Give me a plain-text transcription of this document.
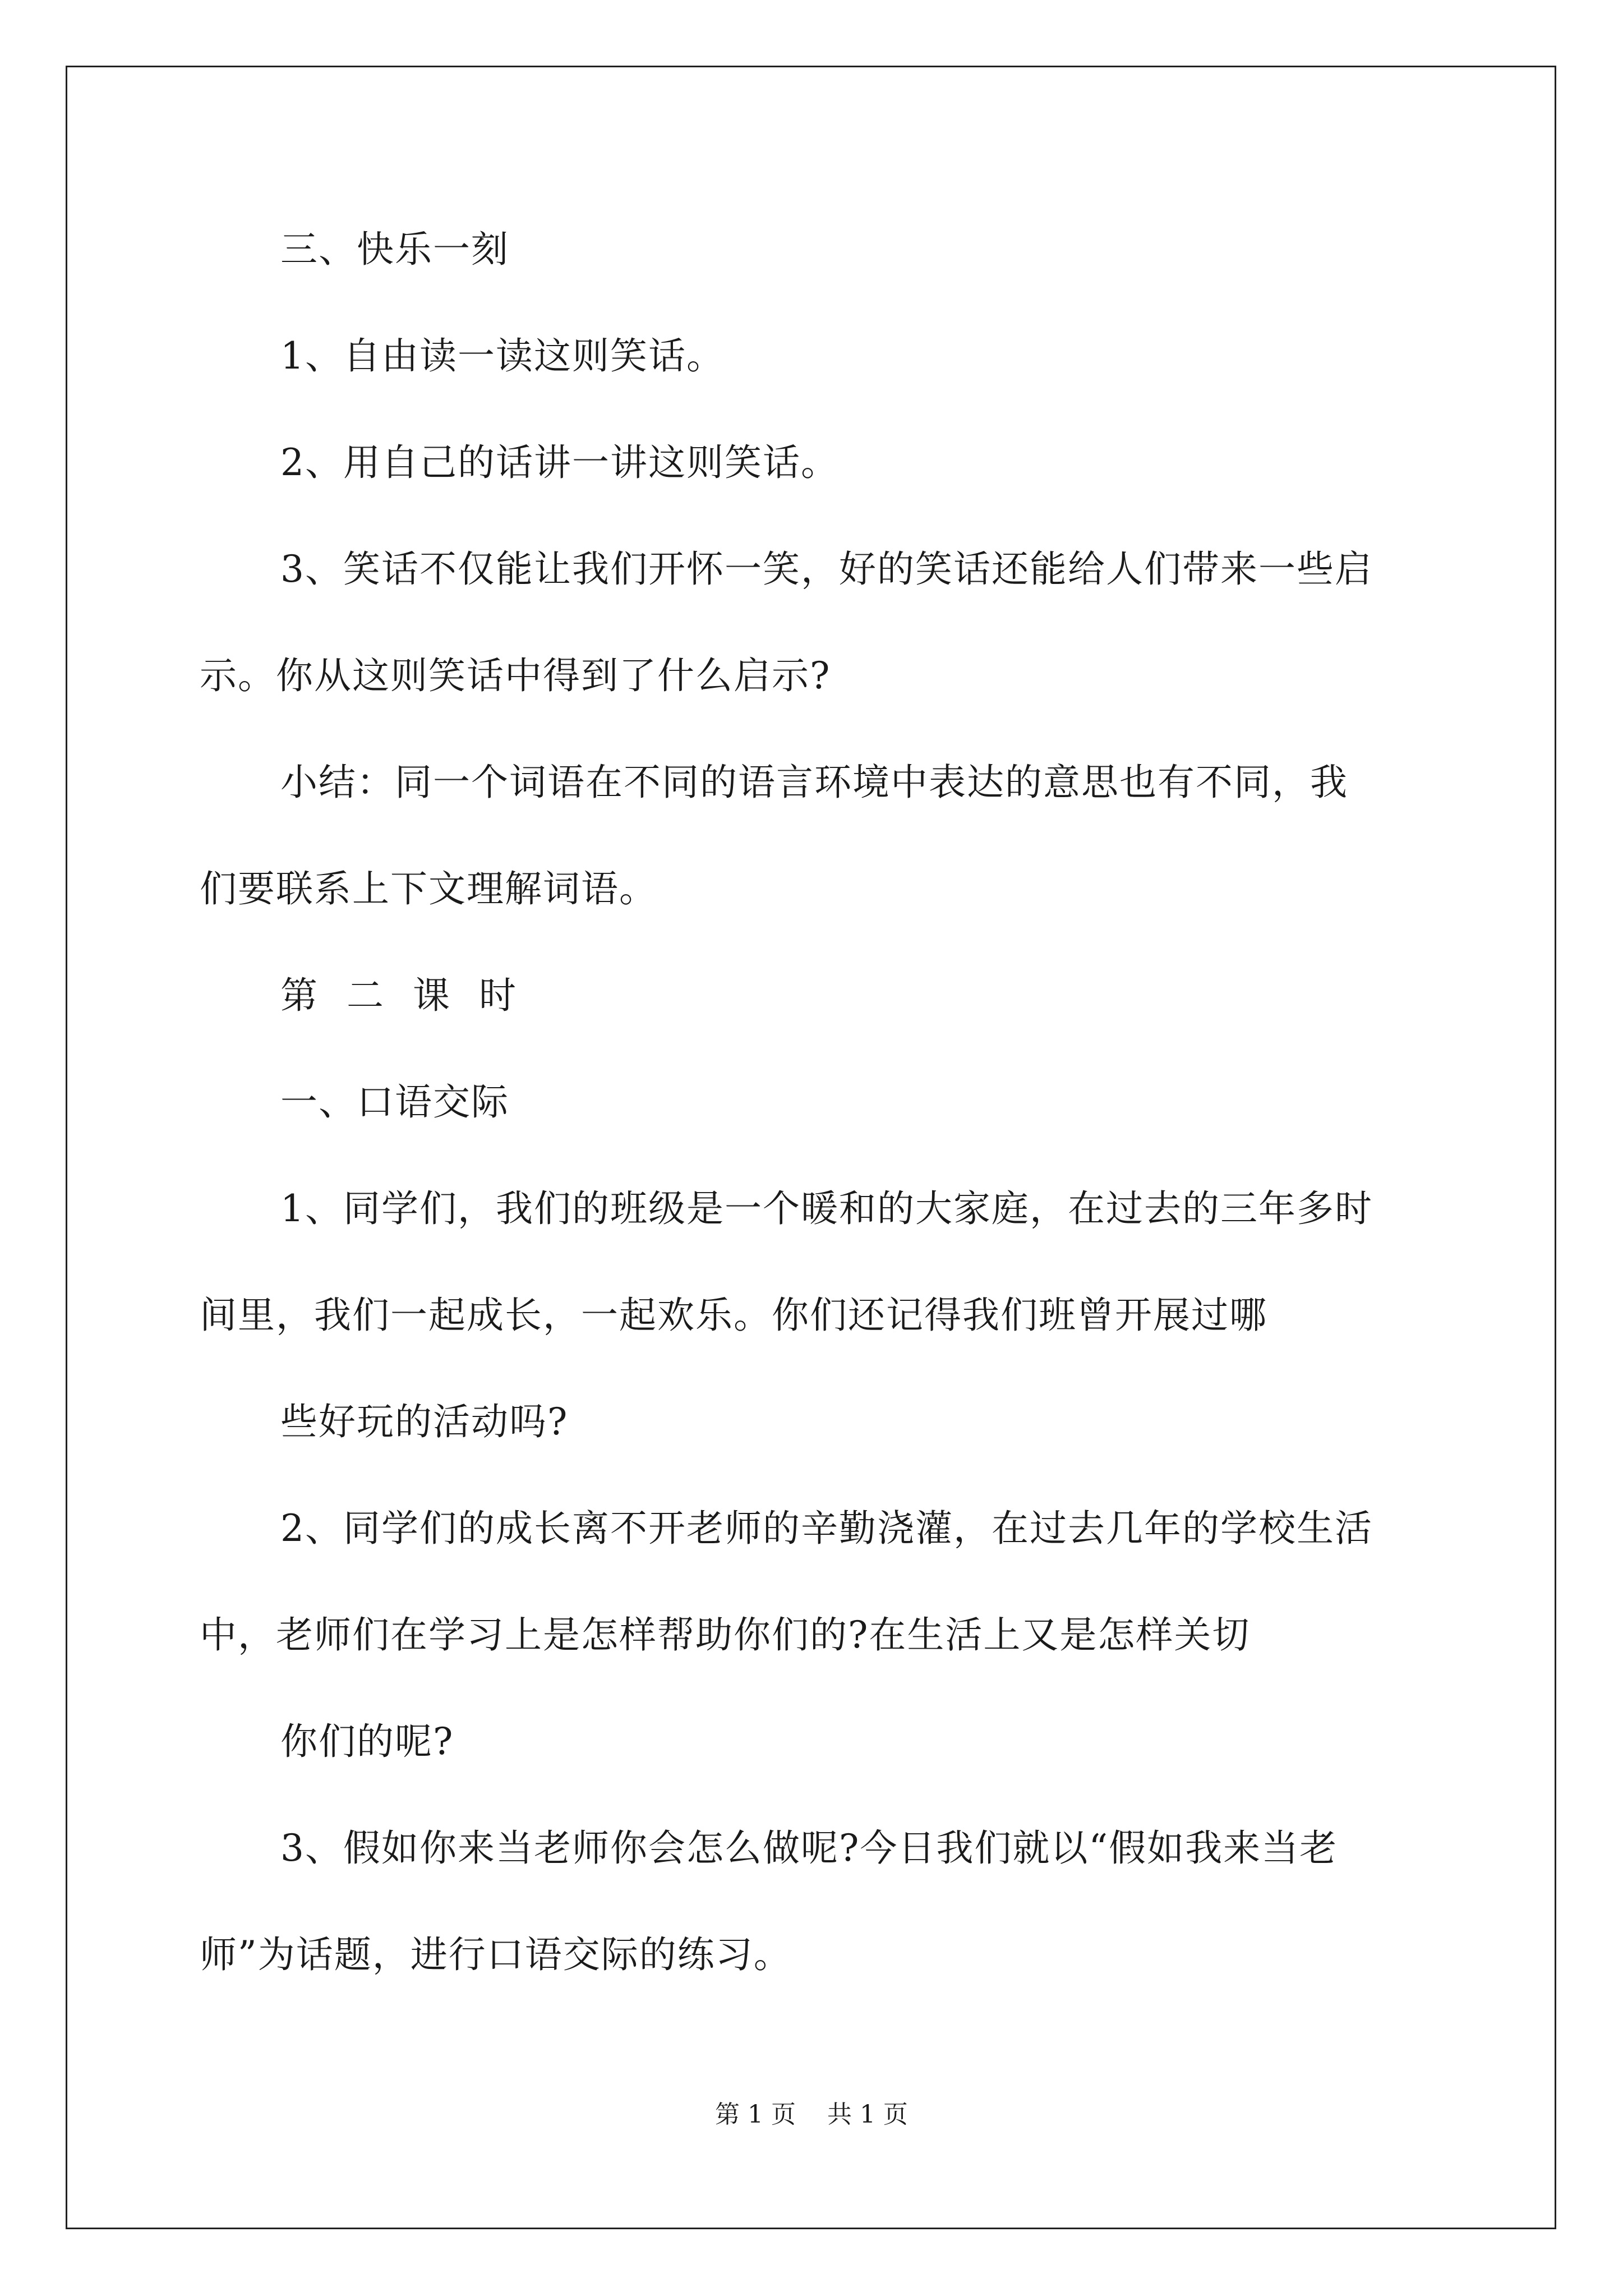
三、快乐一刻
1、自由读一读这则笑话。
2、用自己的话讲一讲这则笑话。
3、笑话不仅能让我们开怀一笑，好的笑话还能给人们带来一些启
示。你从这则笑话中得到了什么启示?
小结：同一个词语在不同的语言环境中表达的意思也有不同，我
们要联系上下文理解词语。
第二课时
一、口语交际
1、同学们，我们的班级是一个暖和的大家庭，在过去的三年多时
间里，我们一起成长，一起欢乐。你们还记得我们班曾开展过哪
些好玩的活动吗?
2、同学们的成长离不开老师的辛勤浇灌，在过去几年的学校生活
中，老师们在学习上是怎样帮助你们的?在生活上又是怎样关切
你们的呢?
3、假如你来当老师你会怎么做呢?今日我们就以“假如我来当老
师”为话题，进行口语交际的练习。
第 1 页    共 1 页
